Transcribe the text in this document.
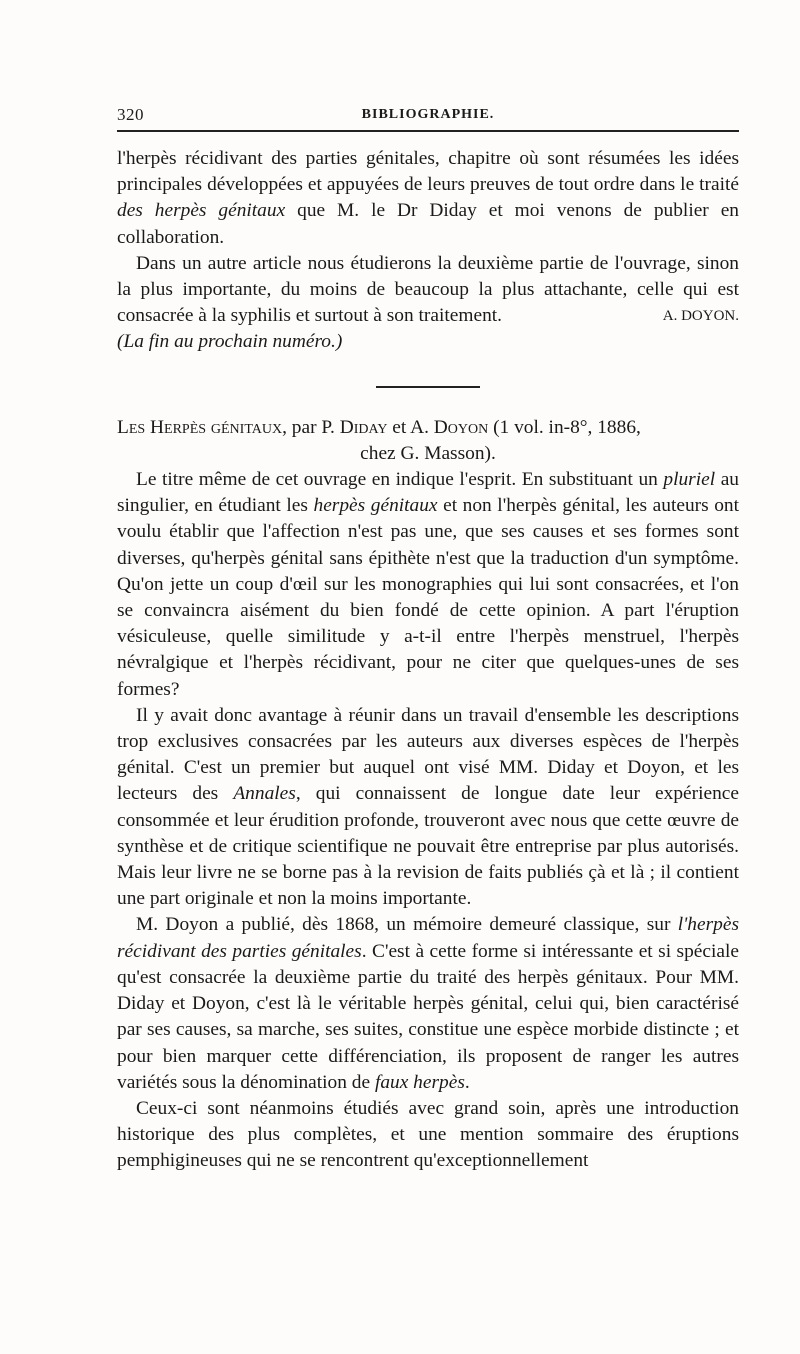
320	BIBLIOGRAPHIE.

l'herpès récidivant des parties génitales, chapitre où sont résumées les idées principales développées et appuyées de leurs preuves de tout ordre dans le traité des herpès génitaux que M. le Dr Diday et moi venons de publier en collaboration.

Dans un autre article nous étudierons la deuxième partie de l'ouvrage, sinon la plus importante, du moins de beaucoup la plus attachante, celle qui est consacrée à la syphilis et surtout à son traitement.	A. DOYON.

(La fin au prochain numéro.)

Les Herpès génitaux, par P. Diday et A. Doyon (1 vol. in-8°, 1886,

chez G. Masson).

Le titre même de cet ouvrage en indique l'esprit. En substituant un pluriel au singulier, en étudiant les herpès génitaux et non l'herpès génital, les auteurs ont voulu établir que l'affection n'est pas une, que ses causes et ses formes sont diverses, qu'herpès génital sans épithète n'est que la traduction d'un symptôme. Qu'on jette un coup d'œil sur les monographies qui lui sont consacrées, et l'on se convaincra aisément du bien fondé de cette opinion. A part l'éruption vésiculeuse, quelle similitude y a-t-il entre l'herpès menstruel, l'herpès névralgique et l'herpès récidivant, pour ne citer que quelques-unes de ses formes?

Il y avait donc avantage à réunir dans un travail d'ensemble les descriptions trop exclusives consacrées par les auteurs aux diverses espèces de l'herpès génital. C'est un premier but auquel ont visé MM. Diday et Doyon, et les lecteurs des Annales, qui connaissent de longue date leur expérience consommée et leur érudition profonde, trouveront avec nous que cette œuvre de synthèse et de critique scientifique ne pouvait être entreprise par plus autorisés. Mais leur livre ne se borne pas à la revision de faits publiés çà et là ; il contient une part originale et non la moins importante.

M. Doyon a publié, dès 1868, un mémoire demeuré classique, sur l'herpès récidivant des parties génitales. C'est à cette forme si intéressante et si spéciale qu'est consacrée la deuxième partie du traité des herpès génitaux. Pour MM. Diday et Doyon, c'est là le véritable herpès génital, celui qui, bien caractérisé par ses causes, sa marche, ses suites, constitue une espèce morbide distincte ; et pour bien marquer cette différenciation, ils proposent de ranger les autres variétés sous la dénomination de faux herpès.

Ceux-ci sont néanmoins étudiés avec grand soin, après une introduction historique des plus complètes, et une mention sommaire des éruptions pemphigineuses qui ne se rencontrent qu'exceptionnellement
